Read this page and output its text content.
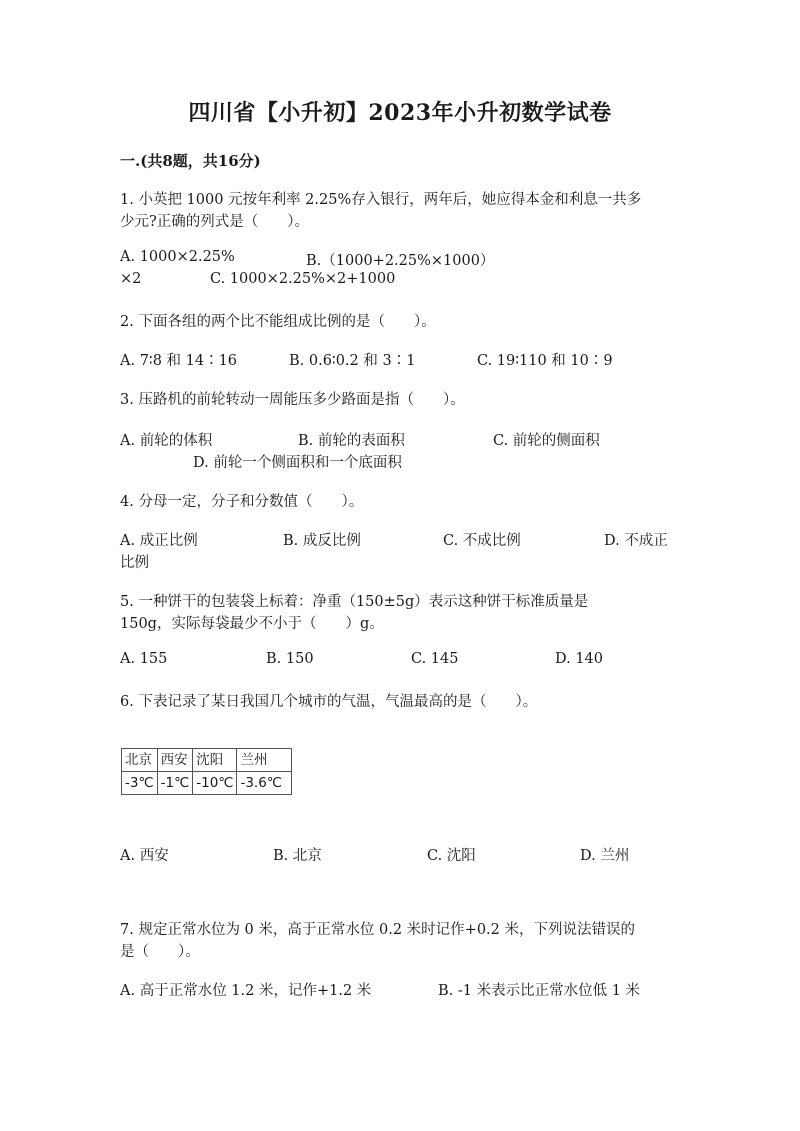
四川省【小升初】2023年小升初数学试卷
一.(共8题，共16分)
1. 小英把 1000 元按年利率 2.25%存入银行，两年后，她应得本金和利息一共多
少元?正确的列式是（　　）。
A. 1000×2.25%	B.（1000+2.25%×1000）
×2	C. 1000×2.25%×2+1000
2. 下面各组的两个比不能组成比例的是（　　）。
A. 7∶8 和 14∶16	B. 0.6∶0.2 和 3∶1	C. 19∶110 和 10∶9
3. 压路机的前轮转动一周能压多少路面是指（　　）。
A. 前轮的体积	B. 前轮的表面积	C. 前轮的侧面积
D. 前轮一个侧面积和一个底面积
4. 分母一定，分子和分数值（　　）。
A. 成正比例	B. 成反比例	C. 不成比例	D. 不成正
比例
5. 一种饼干的包装袋上标着：净重（150±5g）表示这种饼干标准质量是
150g，实际每袋最少不小于（　　）g。
A. 155	B. 150	C. 145	D. 140
6. 下表记录了某日我国几个城市的气温，气温最高的是（　　）。
北京	西安	沈阳	兰州
-3℃	-1℃	-10℃	-3.6℃
A. 西安	B. 北京	C. 沈阳	D. 兰州
7. 规定正常水位为 0 米，高于正常水位 0.2 米时记作+0.2 米，下列说法错误的
是（　　）。
A. 高于正常水位 1.2 米，记作+1.2 米	B. -1 米表示比正常水位低 1 米
